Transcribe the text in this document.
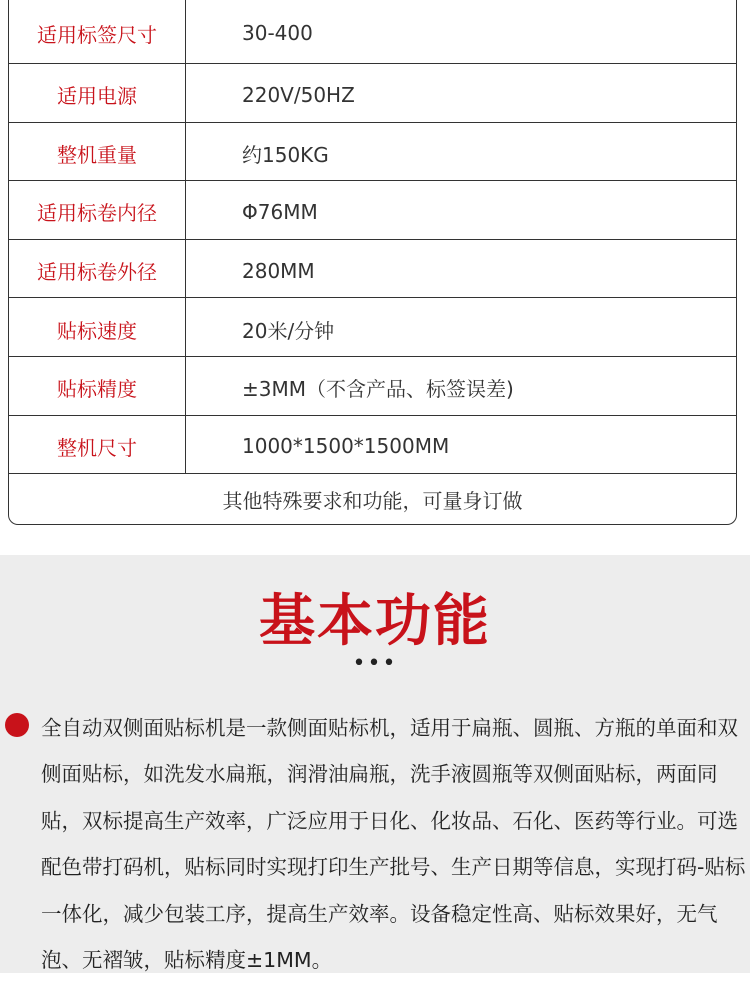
适用标签尺寸	30-400
适用电源	220V/50HZ
整机重量	约150KG
适用标卷内径	Φ76MM
适用标卷外径	280MM
贴标速度	20米/分钟
贴标精度	±3MM（不含产品、标签误差)
整机尺寸	1000*1500*1500MM
其他特殊要求和功能，可量身订做
基本功能
•••
全自动双侧面贴标机是一款侧面贴标机，适用于扁瓶、圆瓶、方瓶的单面和双侧面贴标，如洗发水扁瓶，润滑油扁瓶，洗手液圆瓶等双侧面贴标，两面同贴，双标提高生产效率，广泛应用于日化、化妆品、石化、医药等行业。可选配色带打码机，贴标同时实现打印生产批号、生产日期等信息，实现打码-贴标一体化，减少包装工序，提高生产效率。设备稳定性高、贴标效果好，无气泡、无褶皱，贴标精度±1MM。
